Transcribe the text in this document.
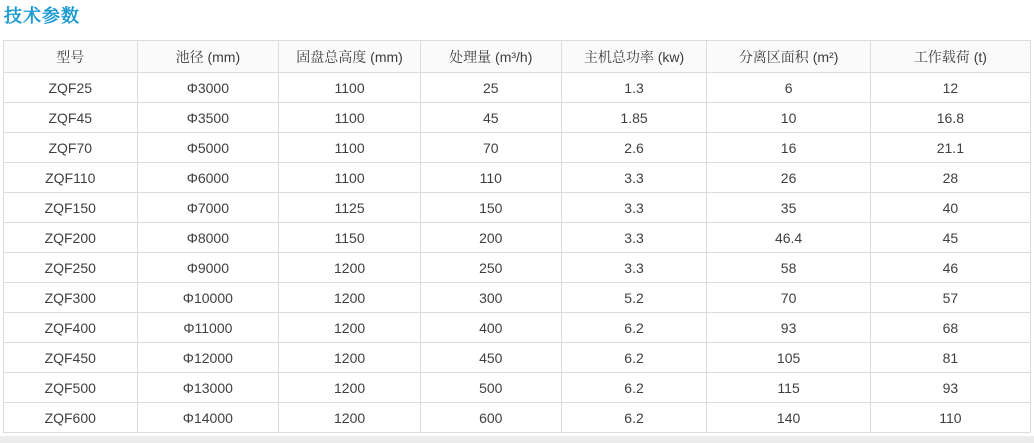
技术参数
型号	池径 (mm)	固盘总高度 (mm)	处理量 (m³/h)	主机总功率 (kw)	分离区面积 (m²)	工作载荷 (t)
ZQF25	Φ3000	1100	25	1.3	6	12
ZQF45	Φ3500	1100	45	1.85	10	16.8
ZQF70	Φ5000	1100	70	2.6	16	21.1
ZQF110	Φ6000	1100	110	3.3	26	28
ZQF150	Φ7000	1125	150	3.3	35	40
ZQF200	Φ8000	1150	200	3.3	46.4	45
ZQF250	Φ9000	1200	250	3.3	58	46
ZQF300	Φ10000	1200	300	5.2	70	57
ZQF400	Φ11000	1200	400	6.2	93	68
ZQF450	Φ12000	1200	450	6.2	105	81
ZQF500	Φ13000	1200	500	6.2	115	93
ZQF600	Φ14000	1200	600	6.2	140	110
